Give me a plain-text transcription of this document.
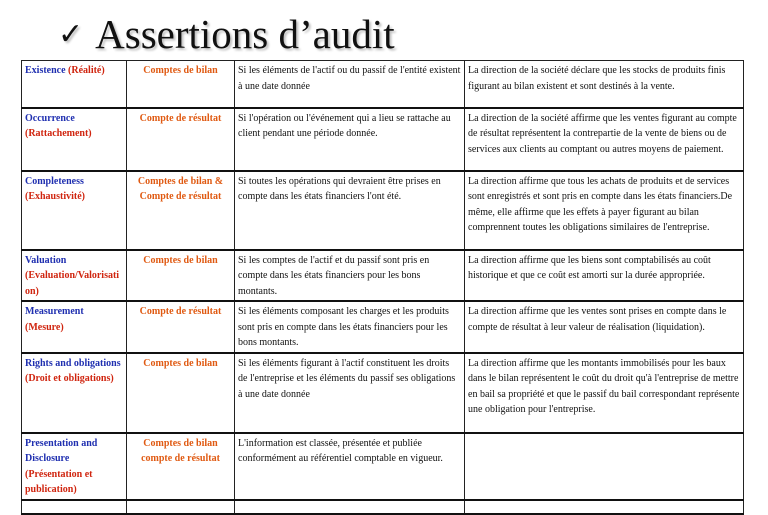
✓ Assertions d’audit
Existence (Réalité)	Comptes de bilan	Si les éléments de l'actif ou du passif de l'entité existent à une date donnée	La direction de la société déclare que les stocks de produits finis figurant au bilan existent et sont destinés à la vente.
Occurrence
(Rattachement)	Compte de résultat	Si l'opération ou l'événement qui a lieu se rattache au client pendant une période donnée.	La direction de la société affirme que les ventes figurant au compte de résultat représentent la contrepartie de la vente de biens ou de services aux clients au comptant ou autres moyens de paiement.
Completeness
(Exhaustivité)	Comptes de bilan & Compte de résultat	Si toutes les opérations qui devraient être prises en compte dans les états financiers l'ont été.	La direction affirme que tous les achats de produits et de services sont enregistrés et sont pris en compte dans les états financiers.De même, elle affirme que les effets à payer figurant au bilan comprennent toutes les obligations similaires de l'entreprise.
Valuation
(Evaluation/Valorisation)	Comptes de bilan	Si les comptes de l'actif et du passif sont pris en compte dans les états financiers pour les bons montants.	La direction affirme que les biens sont comptabilisés au coût historique et que ce coût est amorti sur la durée appropriée.
Measurement
(Mesure)	Compte de résultat	Si les éléments composant les charges et les produits sont pris en compte dans les états financiers pour les bons montants.	La direction affirme que les ventes sont prises en compte dans le compte de résultat à leur valeur de réalisation (liquidation).
Rights and obligations (Droit et obligations)	Comptes de bilan	Si les éléments figurant à l'actif constituent les droits de l'entreprise et les éléments du passif ses obligations à une date donnée	La direction affirme que les montants immobilisés pour les baux dans le bilan représentent le coût du droit qu'à l'entreprise de mettre en bail sa propriété et que le passif du bail correspondant représente une obligation pour l'entreprise.
Presentation and Disclosure
(Présentation et publication)	Comptes de bilan compte de résultat	L'information est classée, présentée et publiée conformément au référentiel comptable en vigueur.	
